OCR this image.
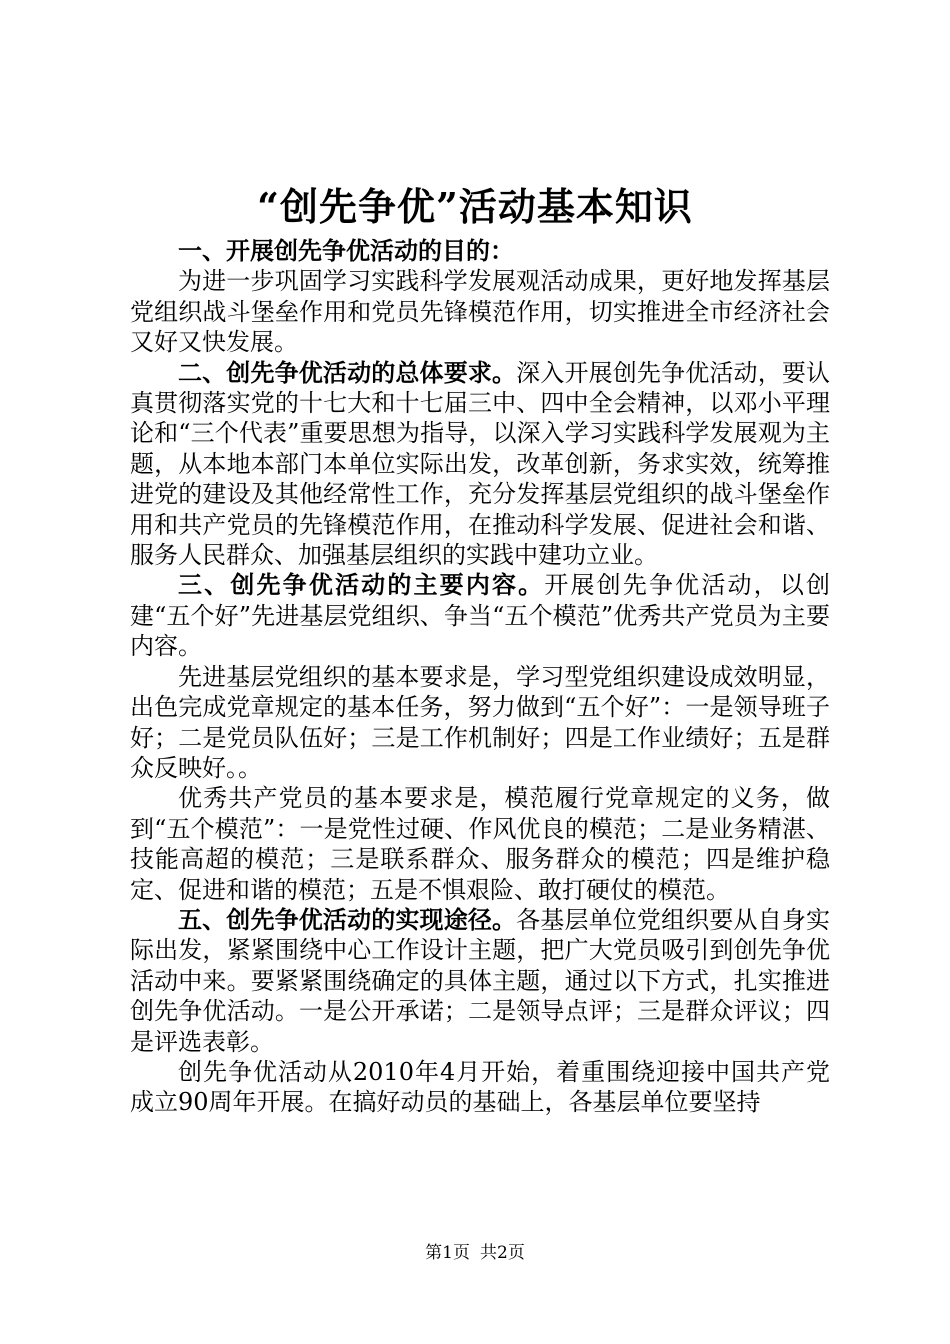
“创先争优”活动基本知识

一、开展创先争优活动的目的：

为进一步巩固学习实践科学发展观活动成果，更好地发挥基层党组织战斗堡垒作用和党员先锋模范作用，切实推进全市经济社会又好又快发展。

二、创先争优活动的总体要求。深入开展创先争优活动，要认真贯彻落实党的十七大和十七届三中、四中全会精神，以邓小平理论和“三个代表”重要思想为指导，以深入学习实践科学发展观为主题，从本地本部门本单位实际出发，改革创新，务求实效，统筹推进党的建设及其他经常性工作，充分发挥基层党组织的战斗堡垒作用和共产党员的先锋模范作用，在推动科学发展、促进社会和谐、服务人民群众、加强基层组织的实践中建功立业。

三、创先争优活动的主要内容。开展创先争优活动，以创建“五个好”先进基层党组织、争当“五个模范”优秀共产党员为主要内容。

先进基层党组织的基本要求是，学习型党组织建设成效明显，出色完成党章规定的基本任务，努力做到“五个好”：一是领导班子好；二是党员队伍好；三是工作机制好；四是工作业绩好；五是群众反映好。。

优秀共产党员的基本要求是，模范履行党章规定的义务，做到“五个模范”：一是党性过硬、作风优良的模范；二是业务精湛、技能高超的模范；三是联系群众、服务群众的模范；四是维护稳定、促进和谐的模范；五是不惧艰险、敢打硬仗的模范。

五、创先争优活动的实现途径。各基层单位党组织要从自身实际出发，紧紧围绕中心工作设计主题，把广大党员吸引到创先争优活动中来。要紧紧围绕确定的具体主题，通过以下方式，扎实推进创先争优活动。一是公开承诺；二是领导点评；三是群众评议；四是评选表彰。

创先争优活动从2010年4月开始，着重围绕迎接中国共产党成立90周年开展。在搞好动员的基础上，各基层单位要坚持

第1页 共2页
